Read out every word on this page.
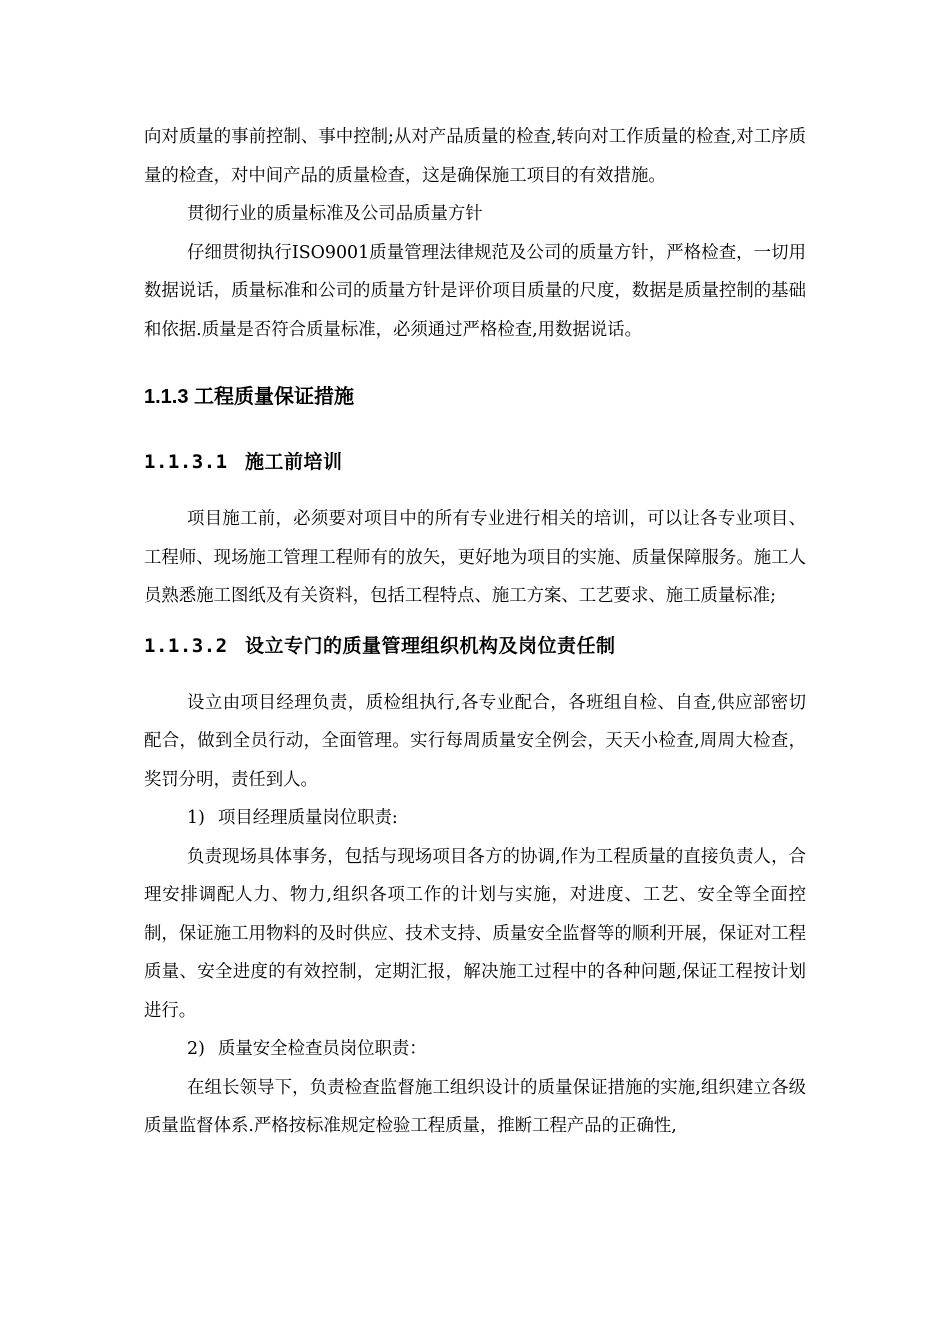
向对质量的事前控制、事中控制;从对产品质量的检查,转向对工作质量的检查,对工序质量的检查，对中间产品的质量检查，这是确保施工项目的有效措施。

贯彻行业的质量标准及公司品质量方针

仔细贯彻执行ISO9001质量管理法律规范及公司的质量方针，严格检查，一切用数据说话，质量标准和公司的质量方针是评价项目质量的尺度，数据是质量控制的基础和依据.质量是否符合质量标准，必须通过严格检查,用数据说话。

1.1.3 工程质量保证措施
1.1.3.1 施工前培训

项目施工前，必须要对项目中的所有专业进行相关的培训，可以让各专业项目、工程师、现场施工管理工程师有的放矢，更好地为项目的实施、质量保障服务。施工人员熟悉施工图纸及有关资料，包括工程特点、施工方案、工艺要求、施工质量标准;

1.1.3.2 设立专门的质量管理组织机构及岗位责任制

设立由项目经理负责，质检组执行,各专业配合，各班组自检、自查,供应部密切配合，做到全员行动，全面管理。实行每周质量安全例会，天天小检查,周周大检查，奖罚分明，责任到人。

1) 项目经理质量岗位职责:

负责现场具体事务，包括与现场项目各方的协调,作为工程质量的直接负责人，合理安排调配人力、物力,组织各项工作的计划与实施，对进度、工艺、安全等全面控制，保证施工用物料的及时供应、技术支持、质量安全监督等的顺利开展，保证对工程质量、安全进度的有效控制，定期汇报，解决施工过程中的各种问题,保证工程按计划进行。

2) 质量安全检查员岗位职责：

在组长领导下，负责检查监督施工组织设计的质量保证措施的实施,组织建立各级质量监督体系.严格按标准规定检验工程质量，推断工程产品的正确性,
